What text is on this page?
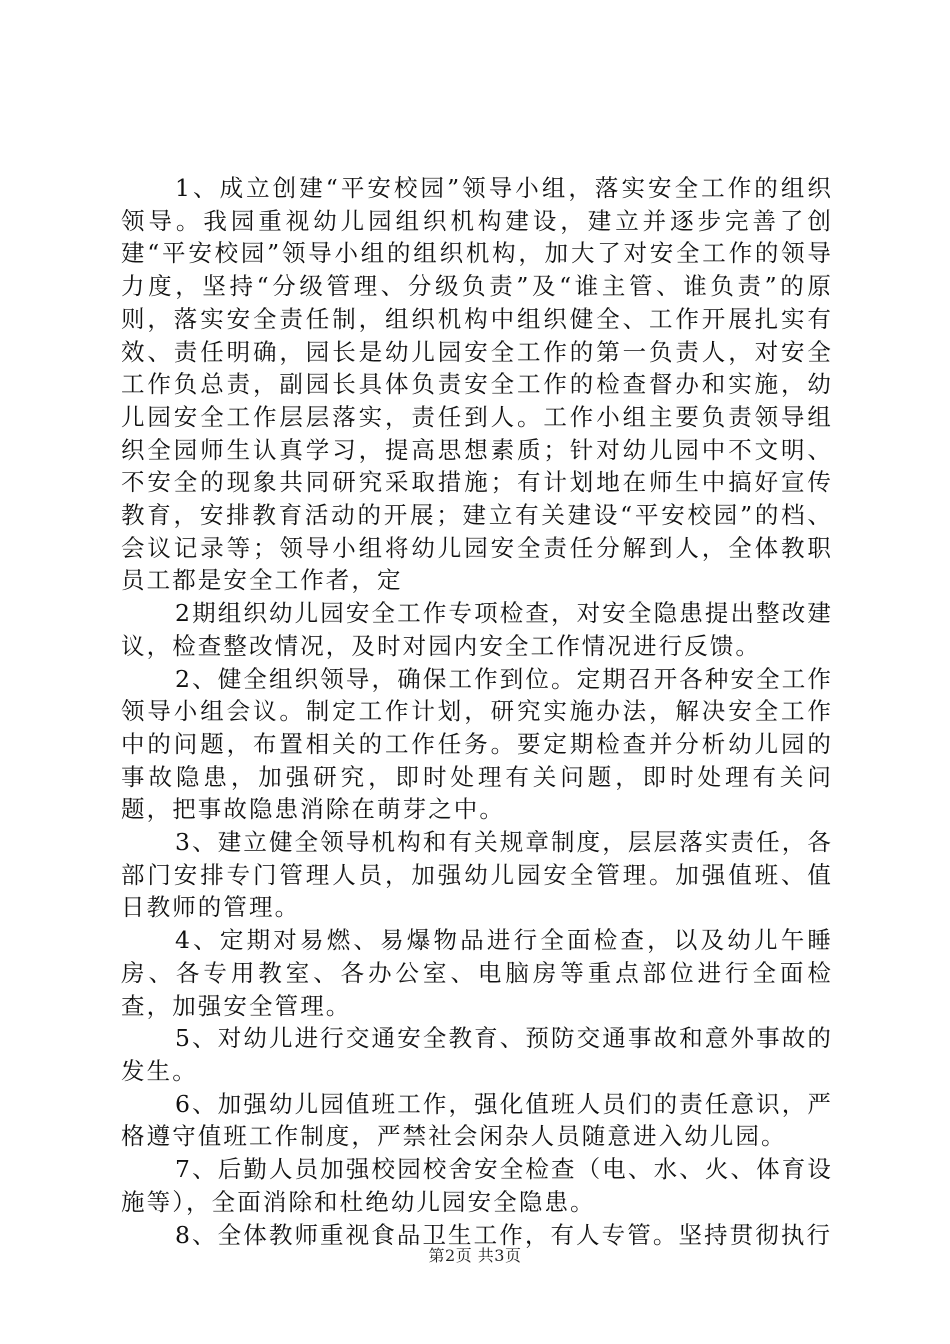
1、成立创建“平安校园”领导小组，落实安全工作的组织领导。我园重视幼儿园组织机构建设，建立并逐步完善了创建“平安校园”领导小组的组织机构，加大了对安全工作的领导力度，坚持“分级管理、分级负责”及“谁主管、谁负责”的原则，落实安全责任制，组织机构中组织健全、工作开展扎实有效、责任明确，园长是幼儿园安全工作的第一负责人，对安全工作负总责，副园长具体负责安全工作的检查督办和实施，幼儿园安全工作层层落实，责任到人。工作小组主要负责领导组织全园师生认真学习，提高思想素质；针对幼儿园中不文明、不安全的现象共同研究采取措施；有计划地在师生中搞好宣传教育，安排教育活动的开展；建立有关建设“平安校园”的档、会议记录等；领导小组将幼儿园安全责任分解到人，全体教职员工都是安全工作者，定

2期组织幼儿园安全工作专项检查，对安全隐患提出整改建议，检查整改情况，及时对园内安全工作情况进行反馈。

2、健全组织领导，确保工作到位。定期召开各种安全工作领导小组会议。制定工作计划，研究实施办法，解决安全工作中的问题，布置相关的工作任务。要定期检查并分析幼儿园的事故隐患，加强研究，即时处理有关问题，即时处理有关问题，把事故隐患消除在萌芽之中。

3、建立健全领导机构和有关规章制度，层层落实责任，各部门安排专门管理人员，加强幼儿园安全管理。加强值班、值日教师的管理。

4、定期对易燃、易爆物品进行全面检查，以及幼儿午睡房、各专用教室、各办公室、电脑房等重点部位进行全面检查，加强安全管理。

5、对幼儿进行交通安全教育、预防交通事故和意外事故的发生。

6、加强幼儿园值班工作，强化值班人员们的责任意识，严格遵守值班工作制度，严禁社会闲杂人员随意进入幼儿园。

7、后勤人员加强校园校舍安全检查（电、水、火、体育设施等），全面消除和杜绝幼儿园安全隐患。

8、全体教师重视食品卫生工作，有人专管。坚持贯彻执行

第2页 共3页
